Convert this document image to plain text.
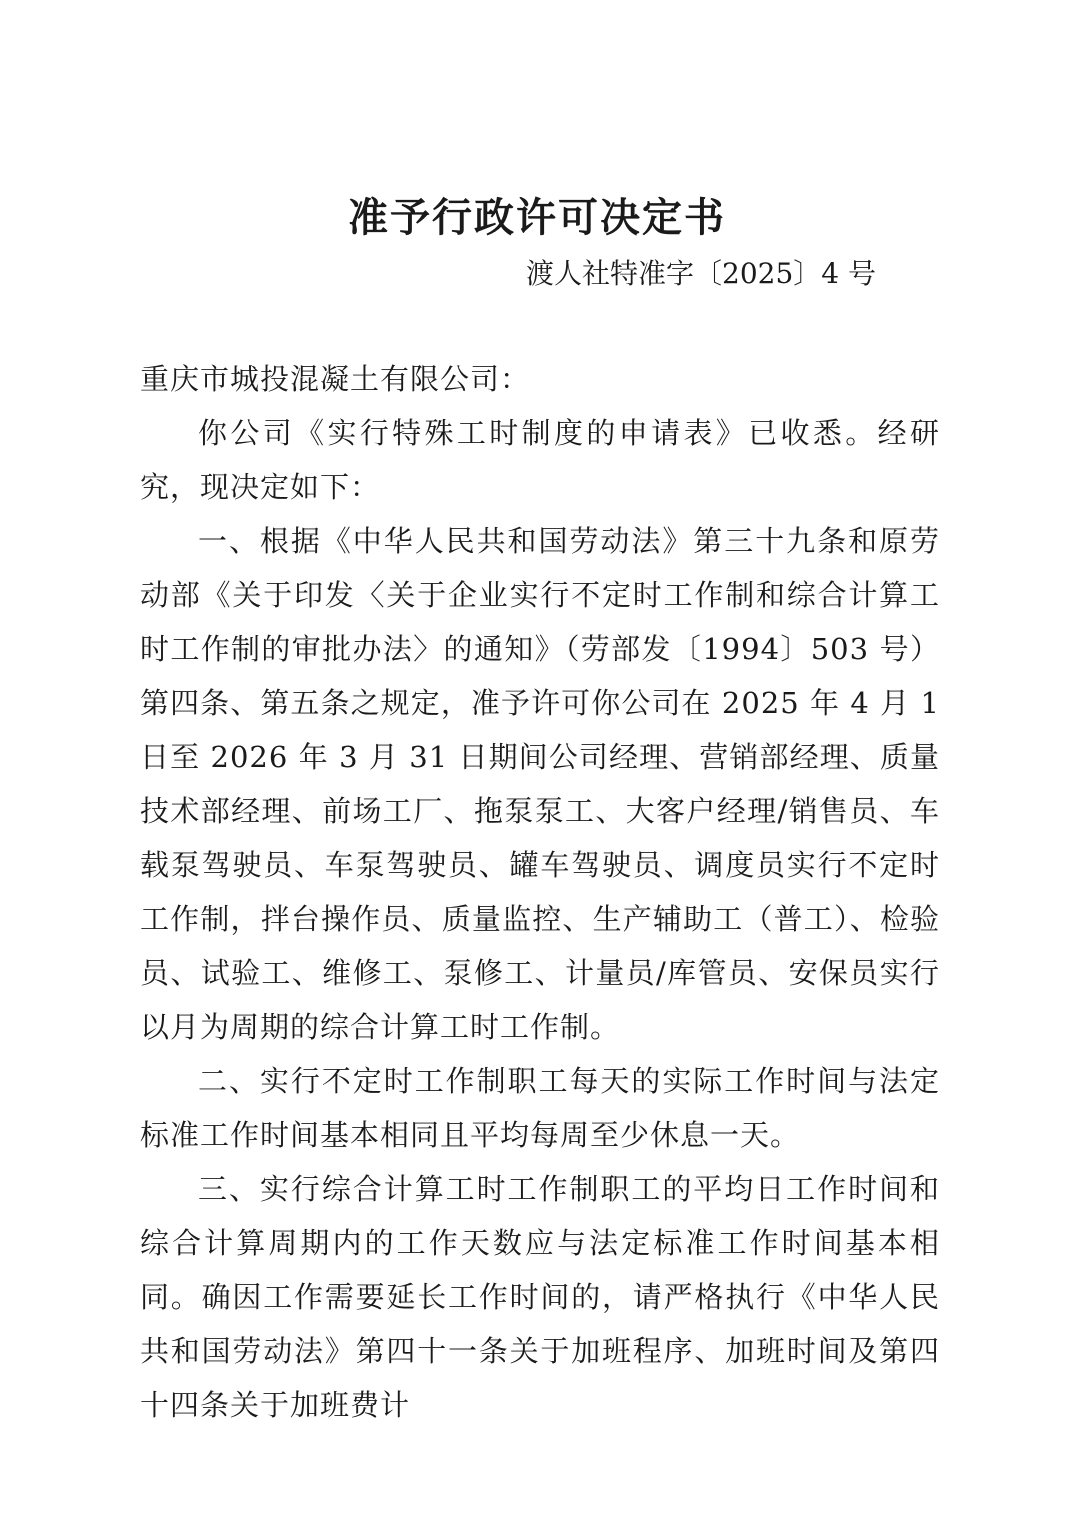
准予行政许可决定书
渡人社特准字〔2025〕4 号

重庆市城投混凝土有限公司：

你公司《实行特殊工时制度的申请表》已收悉。经研究，现决定如下：

一、根据《中华人民共和国劳动法》第三十九条和原劳动部《关于印发〈关于企业实行不定时工作制和综合计算工时工作制的审批办法〉的通知》（劳部发〔1994〕503 号）第四条、第五条之规定，准予许可你公司在 2025 年 4 月 1 日至 2026 年 3 月 31 日期间公司经理、营销部经理、质量技术部经理、前场工厂、拖泵泵工、大客户经理/销售员、车载泵驾驶员、车泵驾驶员、罐车驾驶员、调度员实行不定时工作制，拌台操作员、质量监控、生产辅助工（普工）、检验员、试验工、维修工、泵修工、计量员/库管员、安保员实行以月为周期的综合计算工时工作制。

二、实行不定时工作制职工每天的实际工作时间与法定标准工作时间基本相同且平均每周至少休息一天。

三、实行综合计算工时工作制职工的平均日工作时间和综合计算周期内的工作天数应与法定标准工作时间基本相同。确因工作需要延长工作时间的，请严格执行《中华人民共和国劳动法》第四十一条关于加班程序、加班时间及第四十四条关于加班费计
